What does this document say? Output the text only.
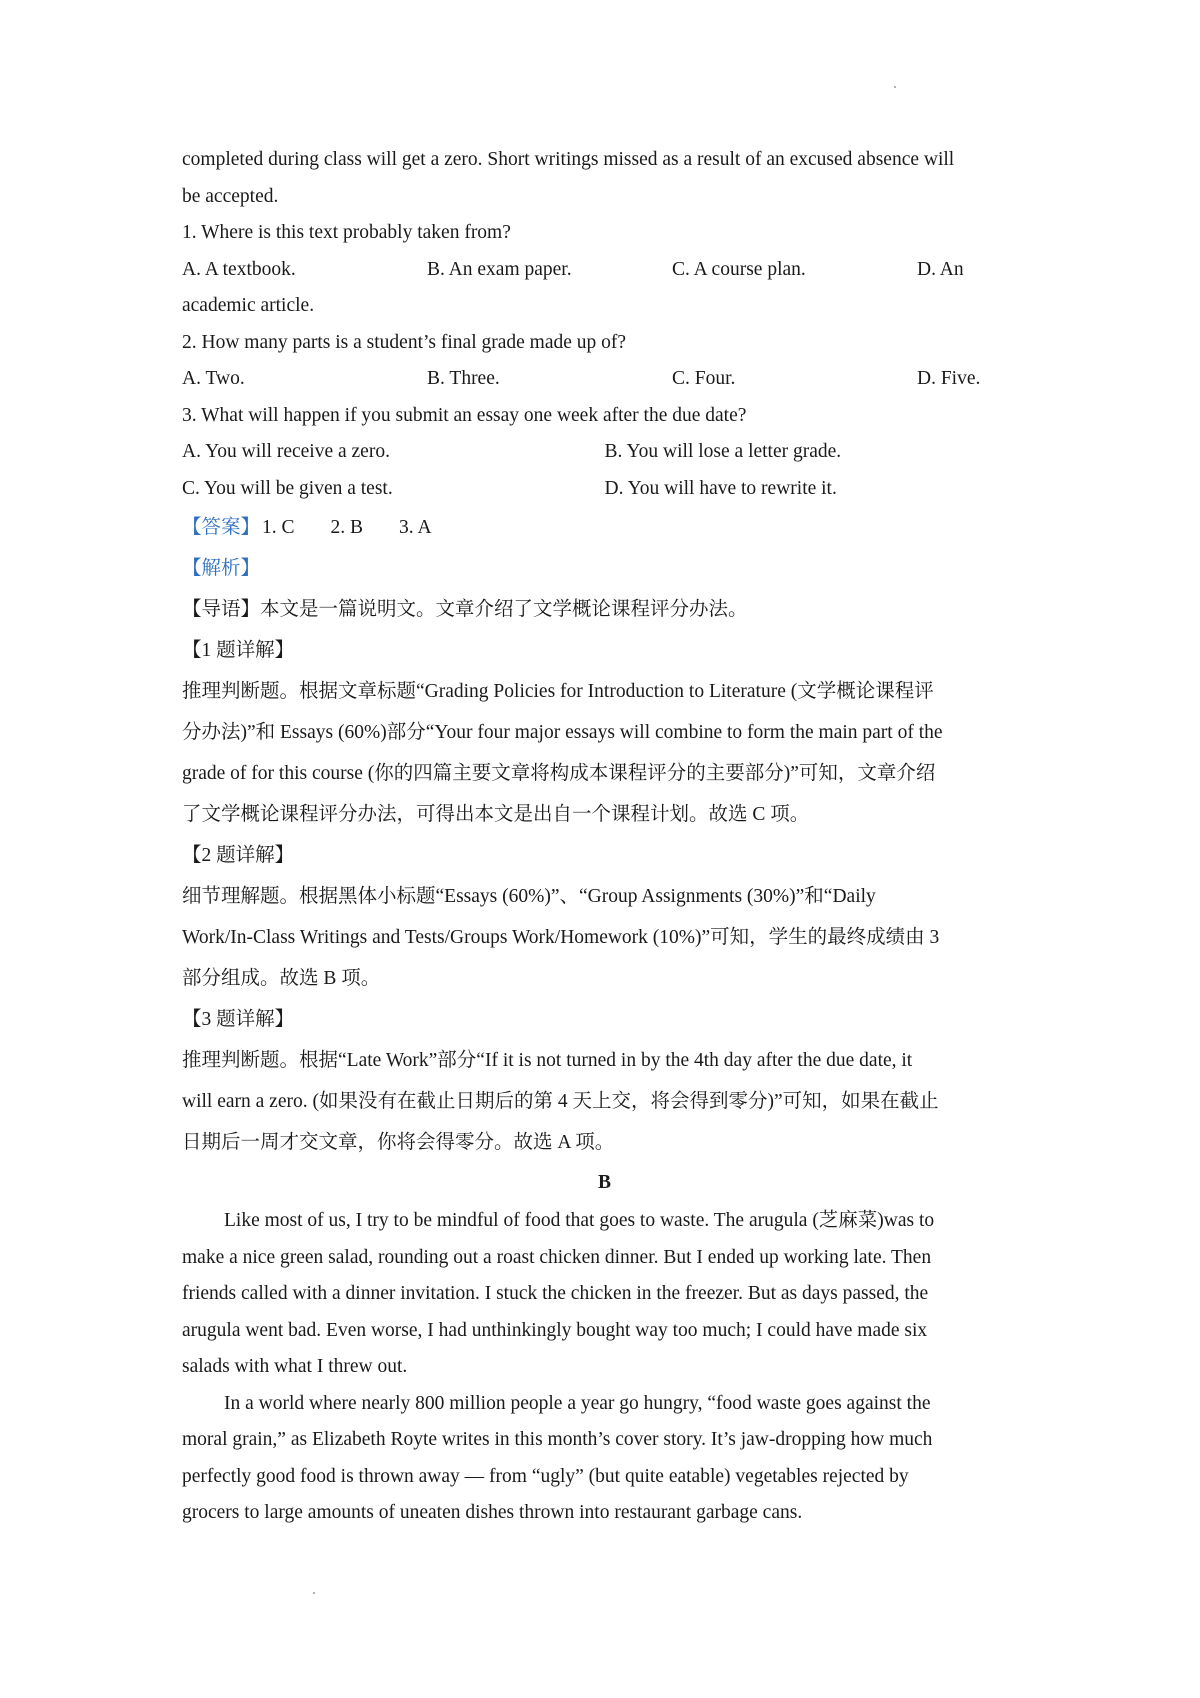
completed during class will get a zero. Short writings missed as a result of an excused absence will
be accepted.
1. Where is this text probably taken from?
A. A textbook.	B. An exam paper.	C. A course plan.	D. An
academic article.
2. How many parts is a student’s final grade made up of?
A. Two.	B. Three.	C. Four.	D. Five.
3. What will happen if you submit an essay one week after the due date?
A. You will receive a zero.	B. You will lose a letter grade.
C. You will be given a test.	D. You will have to rewrite it.
【答案】 1. C 2. B 3. A
【解析】
【导语】本文是一篇说明文。文章介绍了文学概论课程评分办法。
【1 题详解】
推理判断题。根据文章标题“Grading Policies for Introduction to Literature (文学概论课程评
分办法)”和 Essays (60%)部分“Your four major essays will combine to form the main part of the
grade of for this course (你的四篇主要文章将构成本课程评分的主要部分)”可知，文章介绍
了文学概论课程评分办法，可得出本文是出自一个课程计划。故选 C 项。
【2 题详解】
细节理解题。根据黑体小标题“Essays (60%)”、“Group Assignments (30%)”和“Daily
Work/In-Class Writings and Tests/Groups Work/Homework (10%)”可知，学生的最终成绩由 3
部分组成。故选 B 项。
【3 题详解】
推理判断题。根据“Late Work”部分“If it is not turned in by the 4th day after the due date, it
will earn a zero. (如果没有在截止日期后的第 4 天上交，将会得到零分)”可知，如果在截止
日期后一周才交文章，你将会得零分。故选 A 项。
B
Like most of us, I try to be mindful of food that goes to waste. The arugula (芝麻菜)was to
make a nice green salad, rounding out a roast chicken dinner. But I ended up working late. Then
friends called with a dinner invitation. I stuck the chicken in the freezer. But as days passed, the
arugula went bad. Even worse, I had unthinkingly bought way too much; I could have made six
salads with what I threw out.
In a world where nearly 800 million people a year go hungry, “food waste goes against the
moral grain,” as Elizabeth Royte writes in this month’s cover story. It’s jaw-dropping how much
perfectly good food is thrown away — from “ugly” (but quite eatable) vegetables rejected by
grocers to large amounts of uneaten dishes thrown into restaurant garbage cans.
